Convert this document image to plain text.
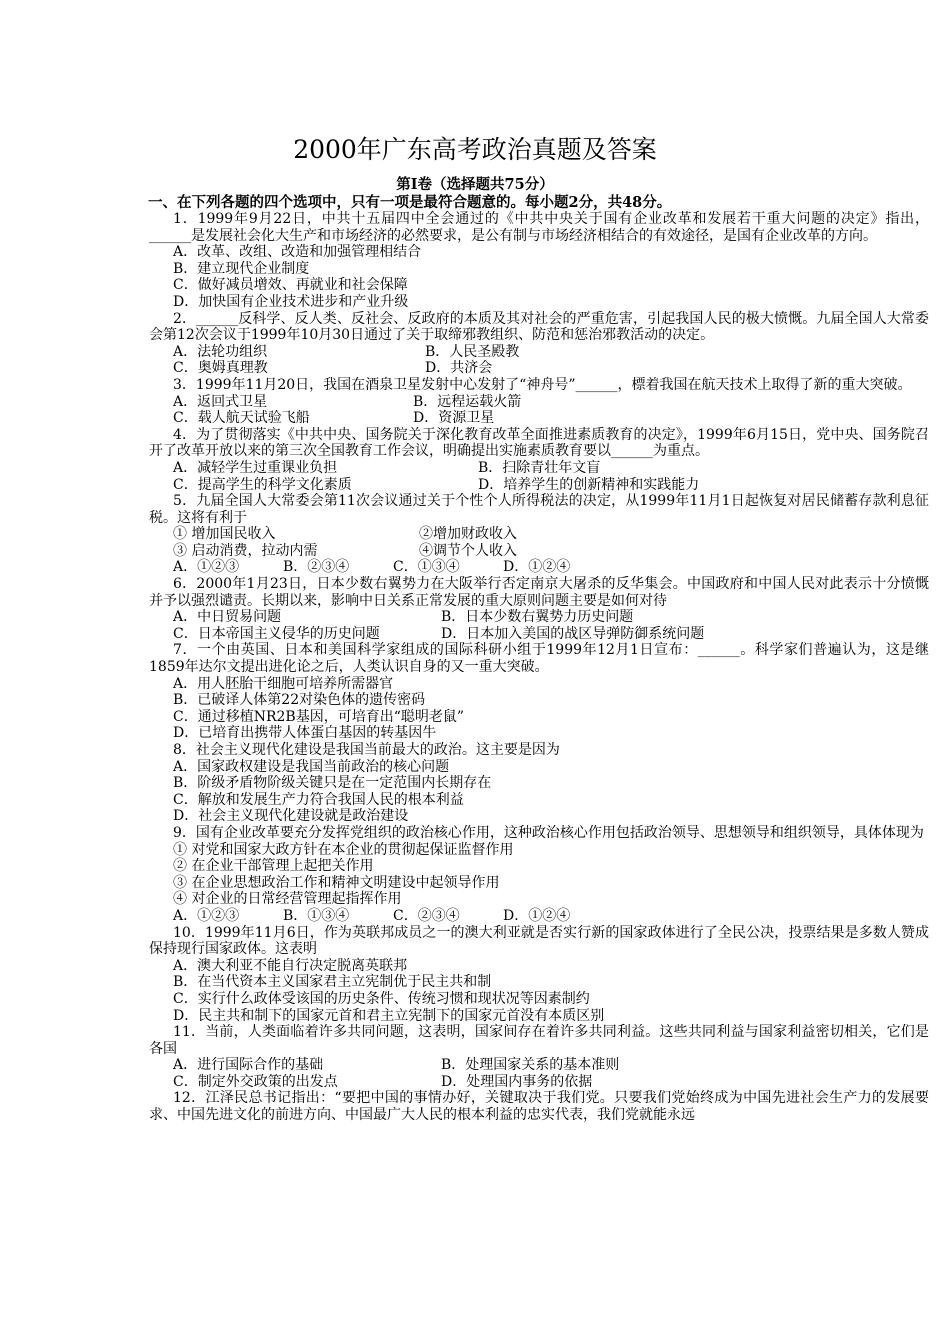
2000年广东高考政治真题及答案
第Ⅰ卷（选择题共75分）
一、在下列各题的四个选项中，只有一项是最符合题意的。每小题2分，共48分。

1．1999年9月22日，中共十五届四中全会通过的《中共中央关于国有企业改革和发展若干重大问题的决定》指出，______是发展社会化大生产和市场经济的必然要求，是公有制与市场经济相结合的有效途径，是国有企业改革的方向。

A．改革、改组、改造和加强管理相结合

B．建立现代企业制度

C．做好减员增效、再就业和社会保障

D．加快国有企业技术进步和产业升级

2．______反科学、反人类、反社会、反政府的本质及其对社会的严重危害，引起我国人民的极大愤慨。九届全国人大常委会第12次会议于1999年10月30日通过了关于取缔邪教组织、防范和惩治邪教活动的决定。

A．法轮功组织	B．人民圣殿教
C．奥姆真理教	D．共济会

3．1999年11月20日，我国在酒泉卫星发射中心发射了“神舟号”______，標着我国在航天技术上取得了新的重大突破。

A．返回式卫星	B．远程运载火箭
C．载人航天试验飞船	D．资源卫星

4．为了贯彻落实《中共中央、国务院关于深化教育改革全面推进素质教育的决定》，1999年6月15日，党中央、国务院召开了改革开放以来的第三次全国教育工作会议，明确提出实施素质教育要以______为重点。

A．减轻学生过重课业负担	B．扫除青壮年文盲
C．提高学生的科学文化素质	D．培养学生的创新精神和实践能力

5．九届全国人大常委会第11次会议通过关于个性个人所得税法的决定，从1999年11月1日起恢复对居民储蓄存款利息征税。这将有利于

① 增加国民收入	②增加财政收入
③ 启动消费，拉动内需	④调节个人收入

A．①②③	B．②③④	C．①③④	D．①②④

6．2000年1月23日，日本少数右翼势力在大阪举行否定南京大屠杀的反华集会。中国政府和中国人民对此表示十分愤慨并予以强烈谴责。长期以来，影响中日关系正常发展的重大原则问题主要是如何对待

A．中日贸易问题	B．日本少数右翼势力历史问题
C．日本帝国主义侵华的历史问题	D．日本加入美国的战区导弹防御系统问题

7．一个由英国、日本和美国科学家组成的国际科研小组于1999年12月1日宣布：______。科学家们普遍认为，这是继1859年达尔文提出进化论之后，人类认识自身的又一重大突破。

A．用人胚胎干细胞可培养所需器官

B．已破译人体第22对染色体的遗传密码

C．通过移植NR2B基因，可培育出“聪明老鼠”

D．已培育出携带人体蛋白基因的转基因牛

8．社会主义现代化建设是我国当前最大的政治。这主要是因为

A．国家政权建设是我国当前政治的核心问题

B．阶级矛盾物阶级关键只是在一定范围内长期存在

C．解放和发展生产力符合我国人民的根本利益

D．社会主义现代化建设就是政治建设

9．国有企业改革要充分发挥党组织的政治核心作用，这种政治核心作用包括政治领导、思想领导和组织领导，具体体现为

① 对党和国家大政方针在本企业的贯彻起保证监督作用

② 在企业干部管理上起把关作用

③ 在企业思想政治工作和精神文明建设中起领导作用

④ 对企业的日常经营管理起指挥作用

A．①②③	B．①③④	C．②③④	D．①②④

10．1999年11月6日，作为英联邦成员之一的澳大利亚就是否实行新的国家政体进行了全民公决，投票结果是多数人赞成保持现行国家政体。这表明

A．澳大利亚不能自行决定脱离英联邦

B．在当代资本主义国家君主立宪制优于民主共和制

C．实行什么政体受该国的历史条件、传统习惯和现状况等因素制约

D．民主共和制下的国家元首和君主立宪制下的国家元首没有本质区别

11．当前，人类面临着许多共同问题，这表明，国家间存在着许多共同利益。这些共同利益与国家利益密切相关，它们是各国

A．进行国际合作的基础	B．处理国家关系的基本准则
C．制定外交政策的出发点	D．处理国内事务的依据

12．江泽民总书记指出：“要把中国的事情办好，关键取决于我们党。只要我们党始终成为中国先进社会生产力的发展要求、中国先进文化的前进方向、中国最广大人民的根本利益的忠实代表，我们党就能永远
